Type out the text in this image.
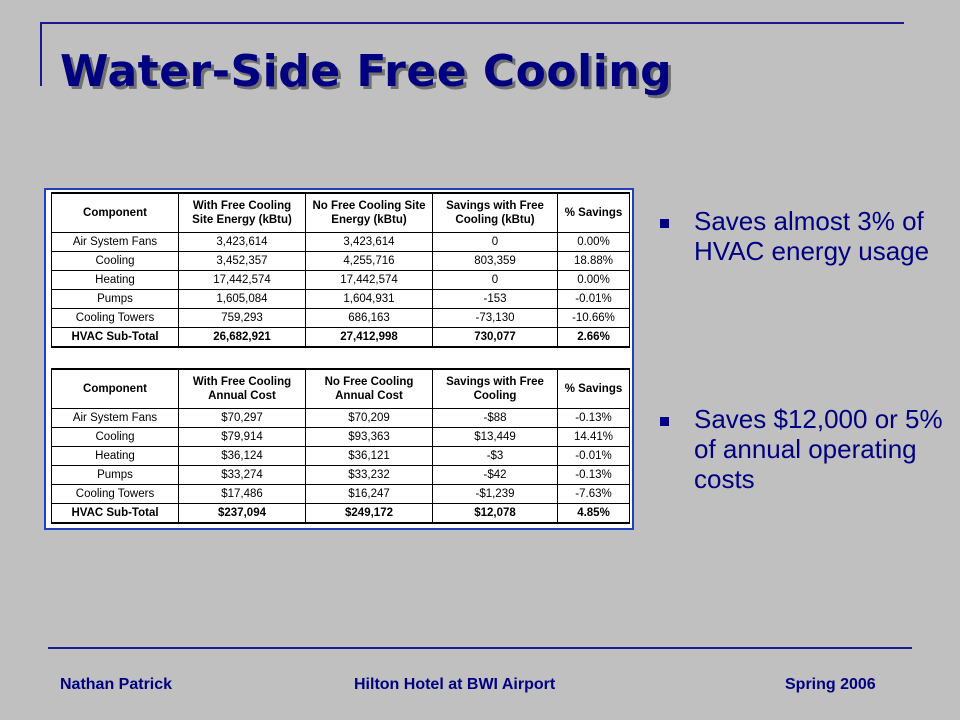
Water-Side Free Cooling
Component	With Free Cooling Site Energy (kBtu)	No Free Cooling Site Energy (kBtu)	Savings with Free Cooling (kBtu)	% Savings
Air System Fans	3,423,614	3,423,614	0	0.00%
Cooling	3,452,357	4,255,716	803,359	18.88%
Heating	17,442,574	17,442,574	0	0.00%
Pumps	1,605,084	1,604,931	-153	-0.01%
Cooling Towers	759,293	686,163	-73,130	-10.66%
HVAC Sub-Total	26,682,921	27,412,998	730,077	2.66%
Component	With Free Cooling Annual Cost	No Free Cooling Annual Cost	Savings with Free Cooling	% Savings
Air System Fans	$70,297	$70,209	-$88	-0.13%
Cooling	$79,914	$93,363	$13,449	14.41%
Heating	$36,124	$36,121	-$3	-0.01%
Pumps	$33,274	$33,232	-$42	-0.13%
Cooling Towers	$17,486	$16,247	-$1,239	-7.63%
HVAC Sub-Total	$237,094	$249,172	$12,078	4.85%
Saves almost 3% of HVAC energy usage
Saves $12,000 or 5% of annual operating costs
Nathan Patrick	Hilton Hotel at BWI Airport	Spring 2006
